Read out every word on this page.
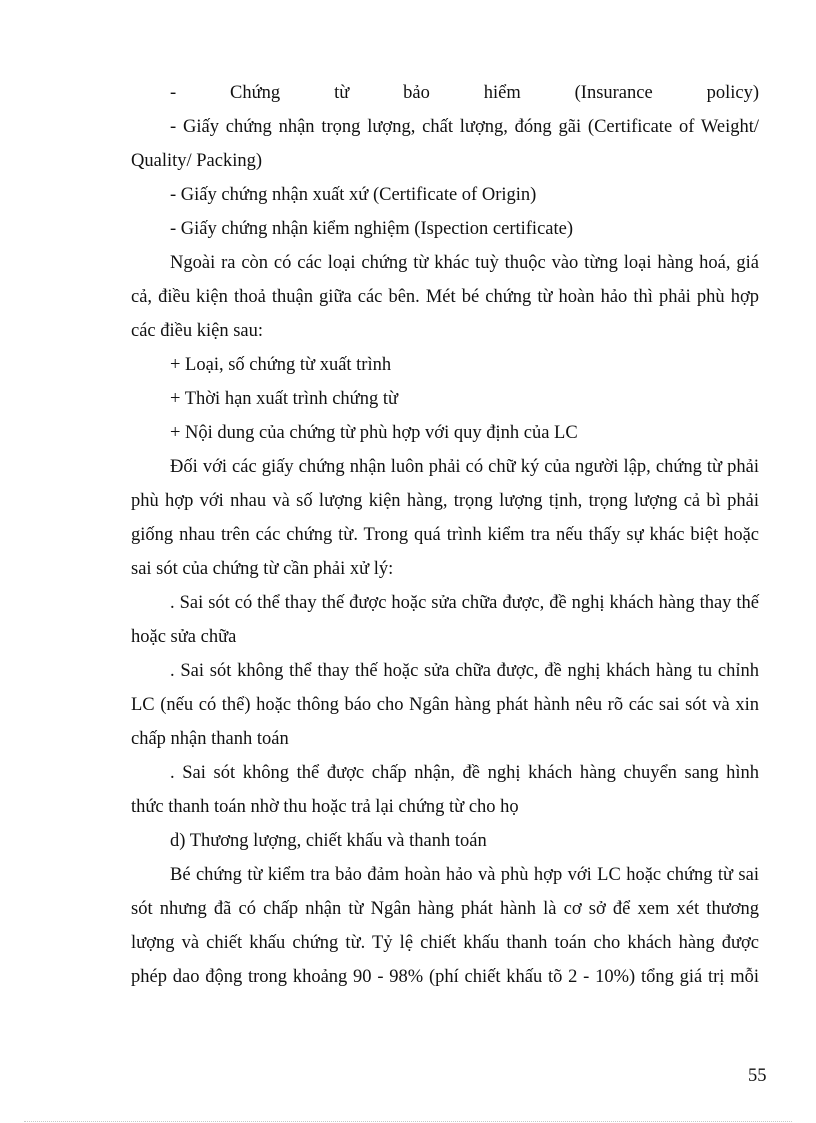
- Chứng từ bảo hiểm (Insurance policy)
- Giấy chứng nhận trọng lượng, chất lượng, đóng gãi (Certificate of Weight/
Quality/ Packing)
- Giấy chứng nhận xuất xứ (Certificate of Origin)
- Giấy chứng nhận kiểm nghiệm (Ispection certificate)
Ngoài ra còn có các loại chứng từ khác tuỳ thuộc vào từng loại hàng hoá, giá
cả, điều kiện thoả thuận giữa các bên. Mét bé chứng từ hoàn hảo thì phải phù hợp
các điều kiện sau:
+ Loại, số chứng từ xuất trình
+ Thời hạn xuất trình chứng từ
+ Nội dung của chứng từ phù hợp với quy định của LC
Đối với các giấy chứng nhận luôn phải có chữ ký của người lập, chứng từ phải
phù hợp với nhau và số lượng kiện hàng, trọng lượng tịnh, trọng lượng cả bì phải
giống nhau trên các chứng từ. Trong quá trình kiểm tra nếu thấy sự khác biệt hoặc
sai sót của chứng từ cần phải xử lý:
. Sai sót có thể thay thế được hoặc sửa chữa được, đề nghị khách hàng thay thế
hoặc sửa chữa
. Sai sót không thể thay thế hoặc sửa chữa được, đề nghị khách hàng tu chỉnh
LC (nếu có thể) hoặc thông báo cho Ngân hàng phát hành nêu rõ các sai sót và xin
chấp nhận thanh toán
. Sai sót không thể được chấp nhận, đề nghị khách hàng chuyển sang hình
thức thanh toán nhờ thu hoặc trả lại chứng từ cho họ
d) Thương lượng, chiết khấu và thanh toán
Bé chứng từ kiểm tra bảo đảm hoàn hảo và phù hợp với LC hoặc chứng từ sai
sót nhưng đã có chấp nhận từ Ngân hàng phát hành là cơ sở để xem xét thương
lượng và chiết khấu chứng từ. Tỷ lệ chiết khấu thanh toán cho khách hàng được
phép dao động trong khoảng 90 - 98% (phí chiết khấu tõ 2 - 10%) tổng giá trị mỗi
55
